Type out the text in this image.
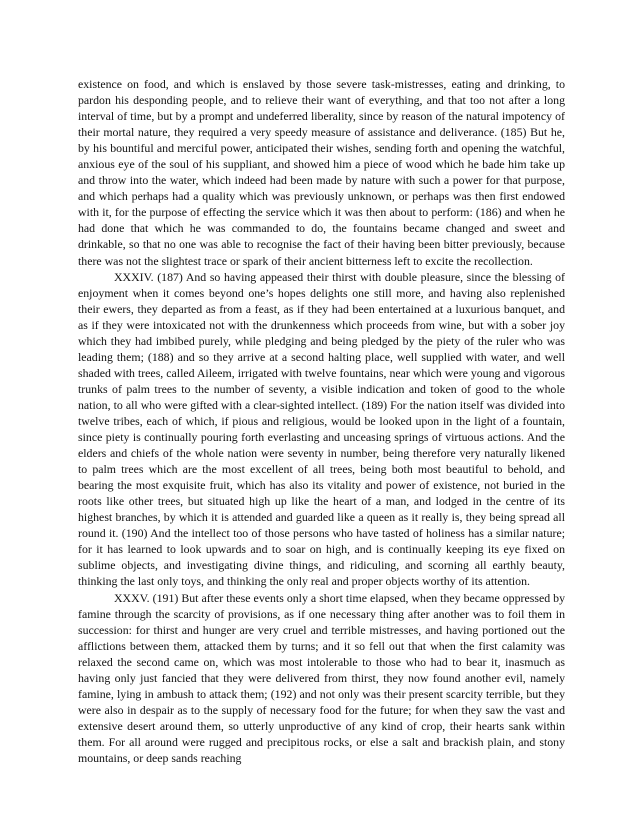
existence on food, and which is enslaved by those severe task-mistresses, eating and drinking, to pardon his desponding people, and to relieve their want of everything, and that too not after a long interval of time, but by a prompt and undeferred liberality, since by reason of the natural impotency of their mortal nature, they required a very speedy measure of assistance and deliverance. (185) But he, by his bountiful and merciful power, anticipated their wishes, sending forth and opening the watchful, anxious eye of the soul of his suppliant, and showed him a piece of wood which he bade him take up and throw into the water, which indeed had been made by nature with such a power for that purpose, and which perhaps had a quality which was previously unknown, or perhaps was then first endowed with it, for the purpose of effecting the service which it was then about to perform: (186) and when he had done that which he was commanded to do, the fountains became changed and sweet and drinkable, so that no one was able to recognise the fact of their having been bitter previously, because there was not the slightest trace or spark of their ancient bitterness left to excite the recollection.

XXXIV. (187) And so having appeased their thirst with double pleasure, since the blessing of enjoyment when it comes beyond one’s hopes delights one still more, and having also replenished their ewers, they departed as from a feast, as if they had been entertained at a luxurious banquet, and as if they were intoxicated not with the drunkenness which proceeds from wine, but with a sober joy which they had imbibed purely, while pledging and being pledged by the piety of the ruler who was leading them; (188) and so they arrive at a second halting place, well supplied with water, and well shaded with trees, called Aileem, irrigated with twelve fountains, near which were young and vigorous trunks of palm trees to the number of seventy, a visible indication and token of good to the whole nation, to all who were gifted with a clear-sighted intellect. (189) For the nation itself was divided into twelve tribes, each of which, if pious and religious, would be looked upon in the light of a fountain, since piety is continually pouring forth everlasting and unceasing springs of virtuous actions. And the elders and chiefs of the whole nation were seventy in number, being therefore very naturally likened to palm trees which are the most excellent of all trees, being both most beautiful to behold, and bearing the most exquisite fruit, which has also its vitality and power of existence, not buried in the roots like other trees, but situated high up like the heart of a man, and lodged in the centre of its highest branches, by which it is attended and guarded like a queen as it really is, they being spread all round it. (190) And the intellect too of those persons who have tasted of holiness has a similar nature; for it has learned to look upwards and to soar on high, and is continually keeping its eye fixed on sublime objects, and investigating divine things, and ridiculing, and scorning all earthly beauty, thinking the last only toys, and thinking the only real and proper objects worthy of its attention.

XXXV. (191) But after these events only a short time elapsed, when they became oppressed by famine through the scarcity of provisions, as if one necessary thing after another was to foil them in succession: for thirst and hunger are very cruel and terrible mistresses, and having portioned out the afflictions between them, attacked them by turns; and it so fell out that when the first calamity was relaxed the second came on, which was most intolerable to those who had to bear it, inasmuch as having only just fancied that they were delivered from thirst, they now found another evil, namely famine, lying in ambush to attack them; (192) and not only was their present scarcity terrible, but they were also in despair as to the supply of necessary food for the future; for when they saw the vast and extensive desert around them, so utterly unproductive of any kind of crop, their hearts sank within them. For all around were rugged and precipitous rocks, or else a salt and brackish plain, and stony mountains, or deep sands reaching
